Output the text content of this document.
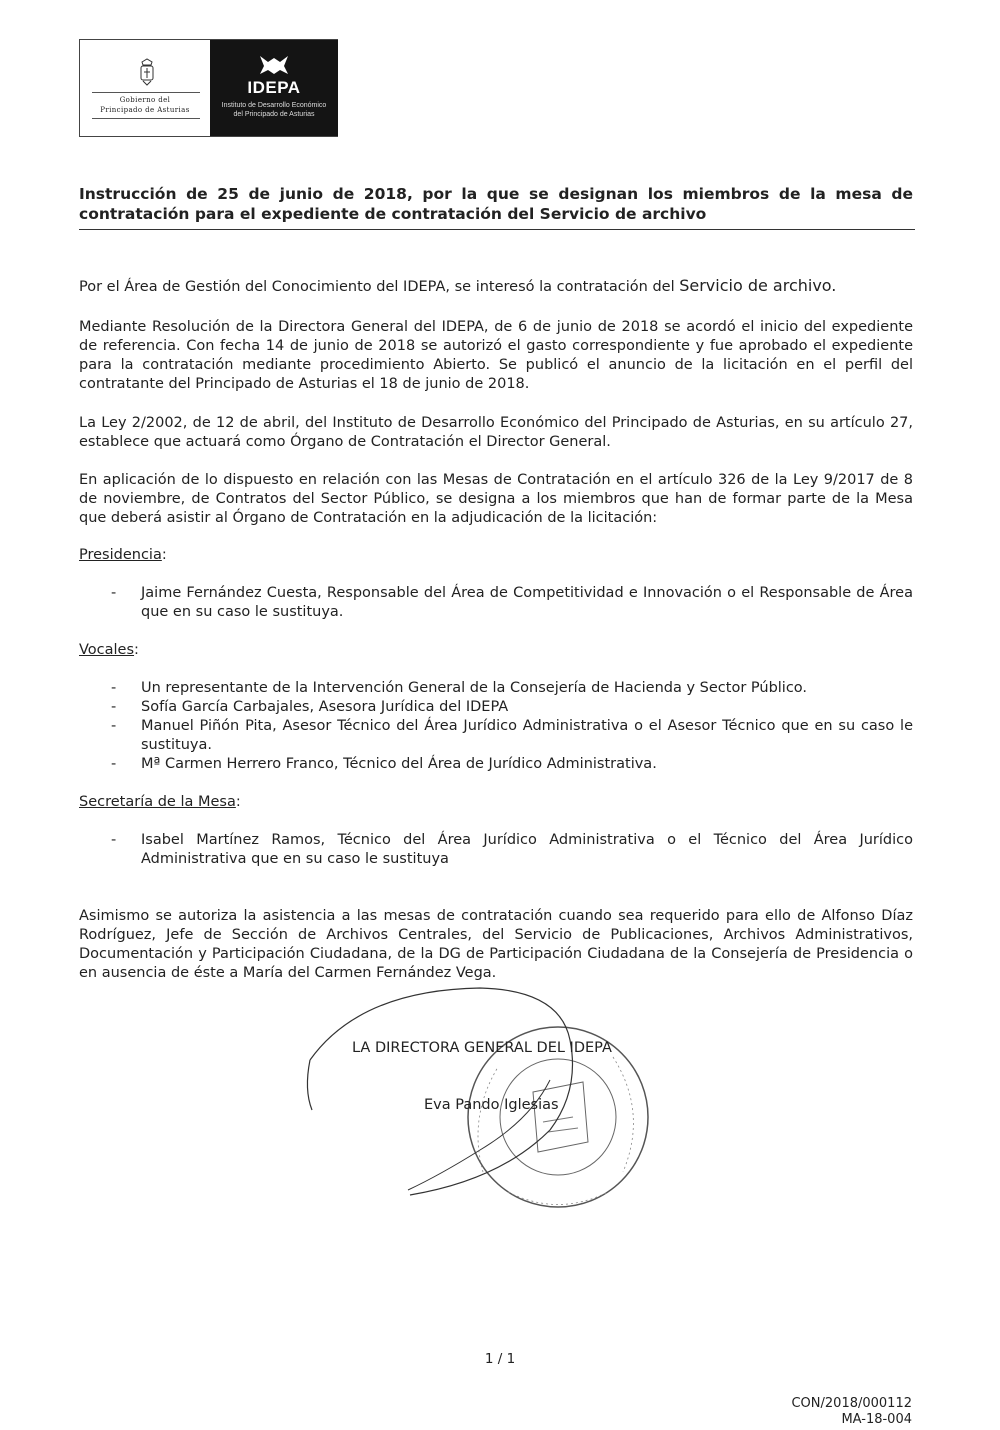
Gobierno del
Principado de Asturias
IDEPA
Instituto de Desarrollo Económico
del Principado de Asturias
Instrucción de 25 de junio de 2018, por la que se designan los miembros de la mesa de contratación para el expediente de contratación del Servicio de archivo
Por el Área de Gestión del Conocimiento del IDEPA, se interesó la contratación del Servicio de archivo.
Mediante Resolución de la Directora General del IDEPA, de 6 de junio de 2018 se acordó el inicio del expediente de referencia. Con fecha 14 de junio de 2018 se autorizó el gasto correspondiente y fue aprobado el expediente para la contratación mediante procedimiento Abierto. Se publicó el anuncio de la licitación en el perfil del contratante del Principado de Asturias el 18 de junio de 2018.
La Ley 2/2002, de 12 de abril, del Instituto de Desarrollo Económico del Principado de Asturias, en su artículo 27, establece que actuará como Órgano de Contratación el Director General.
En aplicación de lo dispuesto en relación con las Mesas de Contratación en el artículo 326 de la Ley 9/2017 de 8 de noviembre, de Contratos del Sector Público, se designa a los miembros que han de formar parte de la Mesa que deberá asistir al Órgano de Contratación en la adjudicación de la licitación:
Presidencia:
- Jaime Fernández Cuesta, Responsable del Área de Competitividad e Innovación o el Responsable de Área que en su caso le sustituya.
Vocales:
- Un representante de la Intervención General de la Consejería de Hacienda y Sector Público.
- Sofía García Carbajales, Asesora Jurídica del IDEPA
- Manuel Piñón Pita, Asesor Técnico del Área Jurídico Administrativa o el Asesor Técnico que en su caso le sustituya.
- Mª Carmen Herrero Franco, Técnico del Área de Jurídico Administrativa.
Secretaría de la Mesa:
- Isabel Martínez Ramos, Técnico del Área Jurídico Administrativa o el Técnico del Área Jurídico Administrativa que en su caso le sustituya
Asimismo se autoriza la asistencia a las mesas de contratación cuando sea requerido para ello de Alfonso Díaz Rodríguez, Jefe de Sección de Archivos Centrales, del Servicio de Publicaciones, Archivos Administrativos, Documentación y Participación Ciudadana, de la DG de Participación Ciudadana de la Consejería de Presidencia o en ausencia de éste a María del Carmen Fernández Vega.
LA DIRECTORA GENERAL DEL IDEPA
Eva Pando Iglesias
1 / 1
CON/2018/000112
MA-18-004
